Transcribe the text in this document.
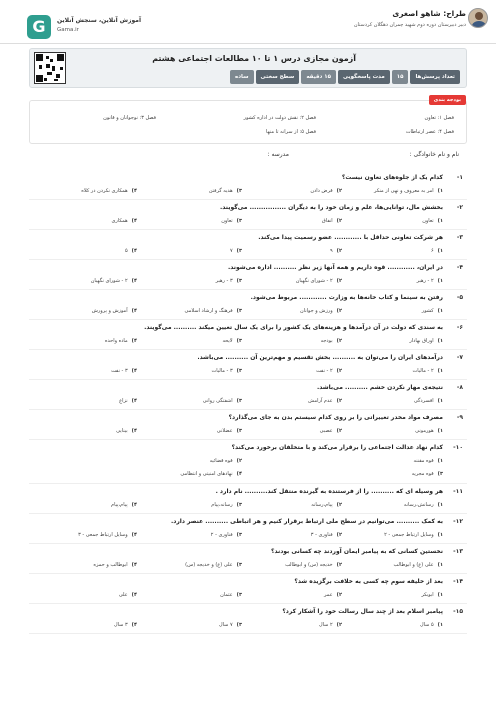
طراح: شاهو اصغری
دبیر دبیرستان دوره دوم شهید چمران دهگلان کردستان
G	آموزش آنلاین، سنجش آنلاین
Gama.ir
آزمون مجازی درس ۱ تا ۱۰ مطالعات اجتماعی هشتم
تعداد پرسش‌ها
۱۵
مدت پاسخگویی
۱۵ دقیقه
سطح سختی
ساده
بودجه بندی
فصل ۱: تعاون
فصل ۲: نقش دولت در اداره کشور
فصل ۳: نوجوانان و قانون
فصل ۴: عصر ارتباطات
فصل ۵: از سرانه تا منها
نام و نام خانوادگی :
مدرسه :
۱-
کدام یک از جلوه‌های تعاون نیست؟
۱)امر به معروف و نهی از منکر
۲)قرض دادن
۳)هدیه گرفتن
۴)همکاری نکردن در کلاه
۲-
بخشش مال، توانایی‌ها، علم و زمان خود را به دیگران ................ می‌گویند.
۱)تعاون
۲)انفاق
۳)تعاون
۴)همکاری
۳-
هر شرکت تعاونی حداقل با ............ عضو رسمیت پیدا می‌کند.
۱)۶
۲)۹
۳)۷
۴)۵
۴-
در ایران، ............ قوه داریم و همه آنها زیر نظر .......... اداره می‌شوند.
۱)۲ - رهبر
۲)۲ - شورای نگهبان
۳)۳ - رهبر
۴)۲ - شورای نگهبان
۵-
رفتن به سینما و کتاب خانه‌ها به وزارت ............ مربوط می‌شود.
۱)کشور
۲)ورزش و جوانان
۳)فرهنگ و ارشاد اسلامی
۴)آموزش و پرورش
۶-
به سندی که دولت در آن درآمدها و هزینه‌های یک کشور را برای یک سال تعیین میکند .......... می‌گویند.
۱)اوراق بهادار
۲)بودجه
۳)لایحه
۴)ماده واحده
۷-
درآمدهای ایران را می‌توان به .......... بخش تقسیم و مهم‌ترین آن .......... می‌باشد.
۱)۲ - مالیات
۲)۲ - نفت
۳)۳ - مالیات
۴)۳ - نفت
۸-
نتیجه‌ی مهار نکردن خشم .......... می‌باشد.
۱)افسردگی
۲)عدم آرامش
۳)اشفتگی روانی
۴)نزاع
۹-
مصرف مواد مخدر تغییراتی را بر روی کدام سیستم بدن به جای می‌گذارد؟
۱)هورمونی
۲)عصبی
۳)عضلانی
۴)بینایی
۱۰-
کدام نهاد عدالت اجتماعی را برقرار می‌کند و با متخلفان برخورد می‌کند؟
۱)قوه مقننه
۲)قوه قضائیه
۳)قوه مجریه
۴)نهادهای امنیتی و انتظامی
۱۱-
هر وسیله ای که .......... را از فرستنده به گیرنده منتقل کند.......... نام دارد .
۱)رسانش،رسانه
۲)پیام،رسانه
۳)رسانه،پیام
۴)پیام،پیام
۱۲-
به کمک .......... می‌توانیم در سطح ملی ارتباط برقرار کنیم و هر اتباطی .......... عنصر دارد.
۱)وسایل ارتباط جمعی - ۲
۲)فناوری - ۳
۳)فناوری - ۲
۴)وسایل ارتباط جمعی - ۳
۱۳-
نخستین کسانی که به پیامبر ایمان آوردند چه کسانی بودند؟
۱)علی (ع) و ابوطالب
۲)خدیجه (س) و ابوطالب
۳)علی (ع) و خدیجه (س)
۴)ابوطالب و حمزه
۱۴-
بعد از خلیفه سوم چه کسی به خلافت برگزیده شد؟
۱)ابوبکر
۲)عمر
۳)عثمان
۴)علی
۱۵-
پیامبر اسلام بعد از چند سال رسالت خود را آشکار کرد؟
۱)۵ سال
۲)۲ سال
۳)۷ سال
۴)۳ سال
